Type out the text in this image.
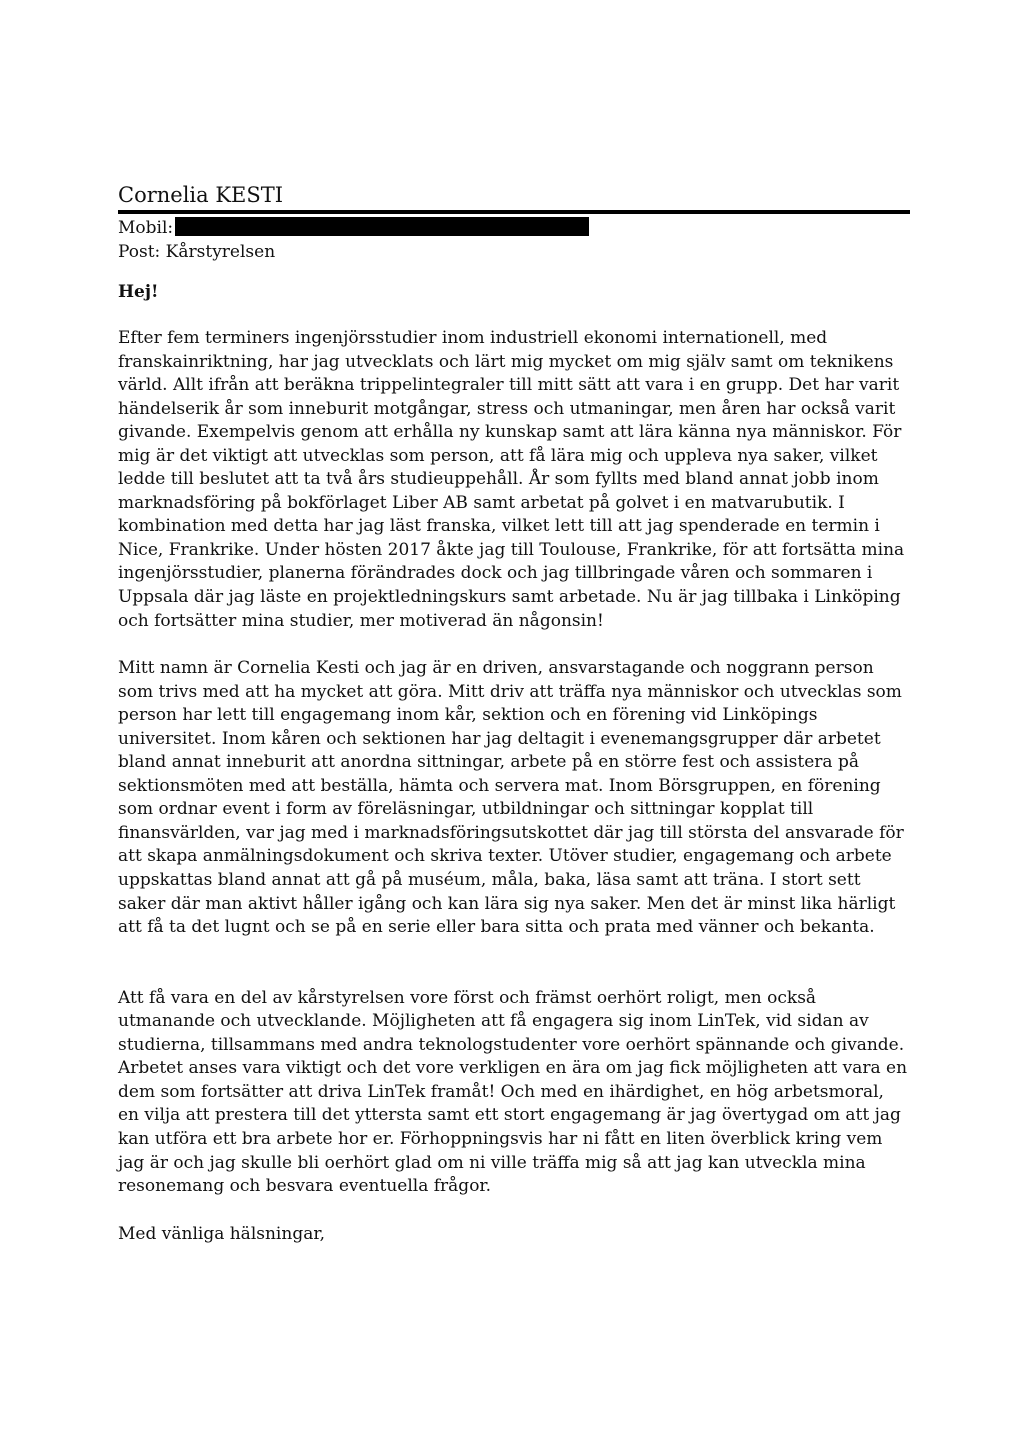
Cornelia KESTI

Mobil:

Post: Kårstyrelsen

Hej!

Efter fem terminers ingenjörsstudier inom industriell ekonomi internationell, med franskainriktning, har jag utvecklats och lärt mig mycket om mig själv samt om teknikens värld. Allt ifrån att beräkna trippelintegraler till mitt sätt att vara i en grupp. Det har varit händelserik år som inneburit motgångar, stress och utmaningar, men åren har också varit givande. Exempelvis genom att erhålla ny kunskap samt att lära känna nya människor. För mig är det viktigt att utvecklas som person, att få lära mig och uppleva nya saker, vilket ledde till beslutet att ta två års studieuppehåll. År som fyllts med bland annat jobb inom marknadsföring på bokförlaget Liber AB samt arbetat på golvet i en matvarubutik. I kombination med detta har jag läst franska, vilket lett till att jag spenderade en termin i Nice, Frankrike. Under hösten 2017 åkte jag till Toulouse, Frankrike, för att fortsätta mina ingenjörsstudier, planerna förändrades dock och jag tillbringade våren och sommaren i Uppsala där jag läste en projektledningskurs samt arbetade. Nu är jag tillbaka i Linköping och fortsätter mina studier, mer motiverad än någonsin!

Mitt namn är Cornelia Kesti och jag är en driven, ansvarstagande och noggrann person som trivs med att ha mycket att göra. Mitt driv att träffa nya människor och utvecklas som person har lett till engagemang inom kår, sektion och en förening vid Linköpings universitet. Inom kåren och sektionen har jag deltagit i evenemangsgrupper där arbetet bland annat inneburit att anordna sittningar, arbete på en större fest och assistera på sektionsmöten med att beställa, hämta och servera mat. Inom Börsgruppen, en förening som ordnar event i form av föreläsningar, utbildningar och sittningar kopplat till finansvärlden, var jag med i marknadsföringsutskottet där jag till största del ansvarade för att skapa anmälningsdokument och skriva texter. Utöver studier, engagemang och arbete uppskattas bland annat att gå på muséum, måla, baka, läsa samt att träna. I stort sett saker där man aktivt håller igång och kan lära sig nya saker. Men det är minst lika härligt att få ta det lugnt och se på en serie eller bara sitta och prata med vänner och bekanta.

Att få vara en del av kårstyrelsen vore först och främst oerhört roligt, men också utmanande och utvecklande. Möjligheten att få engagera sig inom LinTek, vid sidan av studierna, tillsammans med andra teknologstudenter vore oerhört spännande och givande. Arbetet anses vara viktigt och det vore verkligen en ära om jag fick möjligheten att vara en dem som fortsätter att driva LinTek framåt! Och med en ihärdighet, en hög arbetsmoral, en vilja att prestera till det yttersta samt ett stort engagemang är jag övertygad om att jag kan utföra ett bra arbete hor er. Förhoppningsvis har ni fått en liten överblick kring vem jag är och jag skulle bli oerhört glad om ni ville träffa mig så att jag kan utveckla mina resonemang och besvara eventuella frågor.

Med vänliga hälsningar,
